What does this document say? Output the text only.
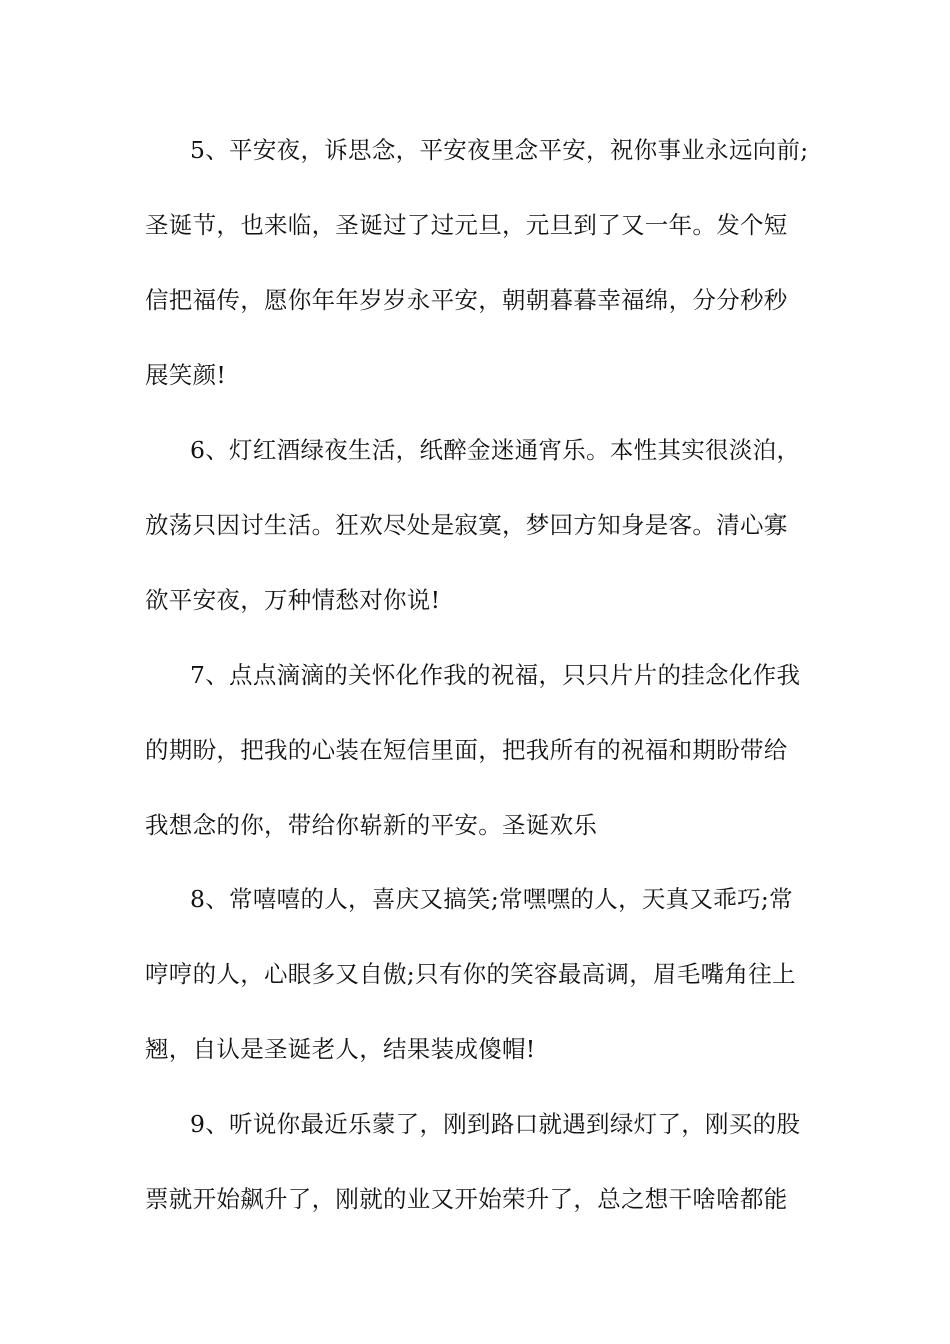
5、平安夜，诉思念，平安夜里念平安，祝你事业永远向前;
圣诞节，也来临，圣诞过了过元旦，元旦到了又一年。发个短
信把福传，愿你年年岁岁永平安，朝朝暮暮幸福绵，分分秒秒
展笑颜!
6、灯红酒绿夜生活，纸醉金迷通宵乐。本性其实很淡泊，
放荡只因讨生活。狂欢尽处是寂寞，梦回方知身是客。清心寡
欲平安夜，万种情愁对你说!
7、点点滴滴的关怀化作我的祝福，只只片片的挂念化作我
的期盼，把我的心装在短信里面，把我所有的祝福和期盼带给
我想念的你，带给你崭新的平安。圣诞欢乐
8、常嘻嘻的人，喜庆又搞笑;常嘿嘿的人，天真又乖巧;常
哼哼的人，心眼多又自傲;只有你的笑容最高调，眉毛嘴角往上
翘，自认是圣诞老人，结果装成傻帽!
9、听说你最近乐蒙了，刚到路口就遇到绿灯了，刚买的股
票就开始飙升了，刚就的业又开始荣升了，总之想干啥啥都能
